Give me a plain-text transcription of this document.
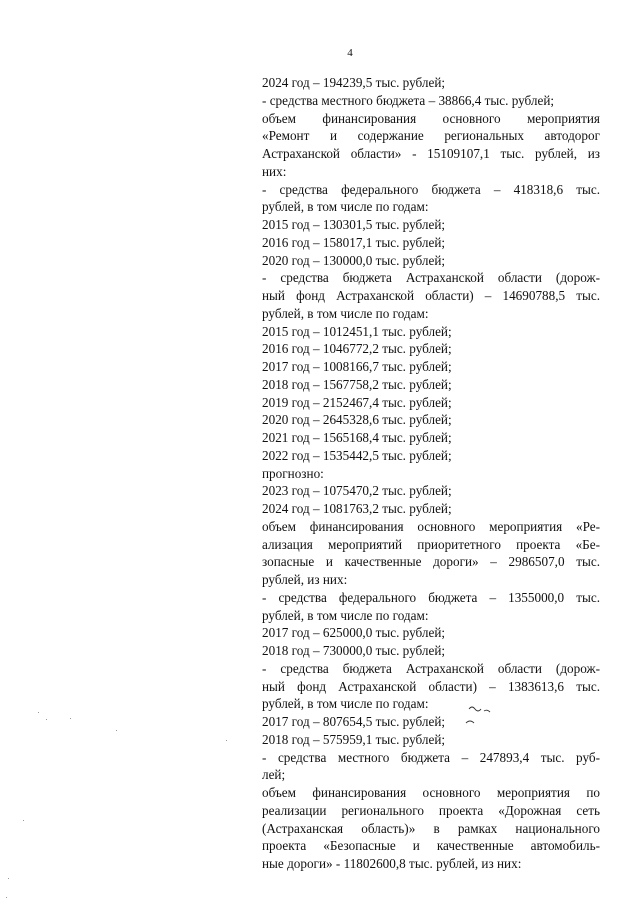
4
2024 год – 194239,5 тыс. рублей;
- средства местного бюджета – 38866,4 тыс. рублей;
объем финансирования основного мероприятия
«Ремонт и содержание региональных автодорог
Астраханской области» - 15109107,1 тыс. рублей, из
них:
- средства федерального бюджета – 418318,6 тыс.
рублей, в том числе по годам:
2015 год – 130301,5 тыс. рублей;
2016 год – 158017,1 тыс. рублей;
2020 год – 130000,0 тыс. рублей;
- средства бюджета Астраханской области (дорож-
ный фонд Астраханской области) – 14690788,5 тыс.
рублей, в том числе по годам:
2015 год – 1012451,1 тыс. рублей;
2016 год – 1046772,2 тыс. рублей;
2017 год – 1008166,7 тыс. рублей;
2018 год – 1567758,2 тыс. рублей;
2019 год – 2152467,4 тыс. рублей;
2020 год – 2645328,6 тыс. рублей;
2021 год – 1565168,4 тыс. рублей;
2022 год – 1535442,5 тыс. рублей;
прогнозно:
2023 год – 1075470,2 тыс. рублей;
2024 год – 1081763,2 тыс. рублей;
объем финансирования основного мероприятия «Ре-
ализация мероприятий приоритетного проекта «Бе-
зопасные и качественные дороги» – 2986507,0 тыс.
рублей, из них:
- средства федерального бюджета – 1355000,0 тыс.
рублей, в том числе по годам:
2017 год – 625000,0 тыс. рублей;
2018 год – 730000,0 тыс. рублей;
- средства бюджета Астраханской области (дорож-
ный фонд Астраханской области) – 1383613,6 тыс.
рублей, в том числе по годам:
2017 год – 807654,5 тыс. рублей;
2018 год – 575959,1 тыс. рублей;
- средства местного бюджета – 247893,4 тыс. руб-
лей;
объем финансирования основного мероприятия по
реализации регионального проекта «Дорожная сеть
(Астраханская область)» в рамках национального
проекта «Безопасные и качественные автомобиль-
ные дороги» - 11802600,8 тыс. рублей, из них:
